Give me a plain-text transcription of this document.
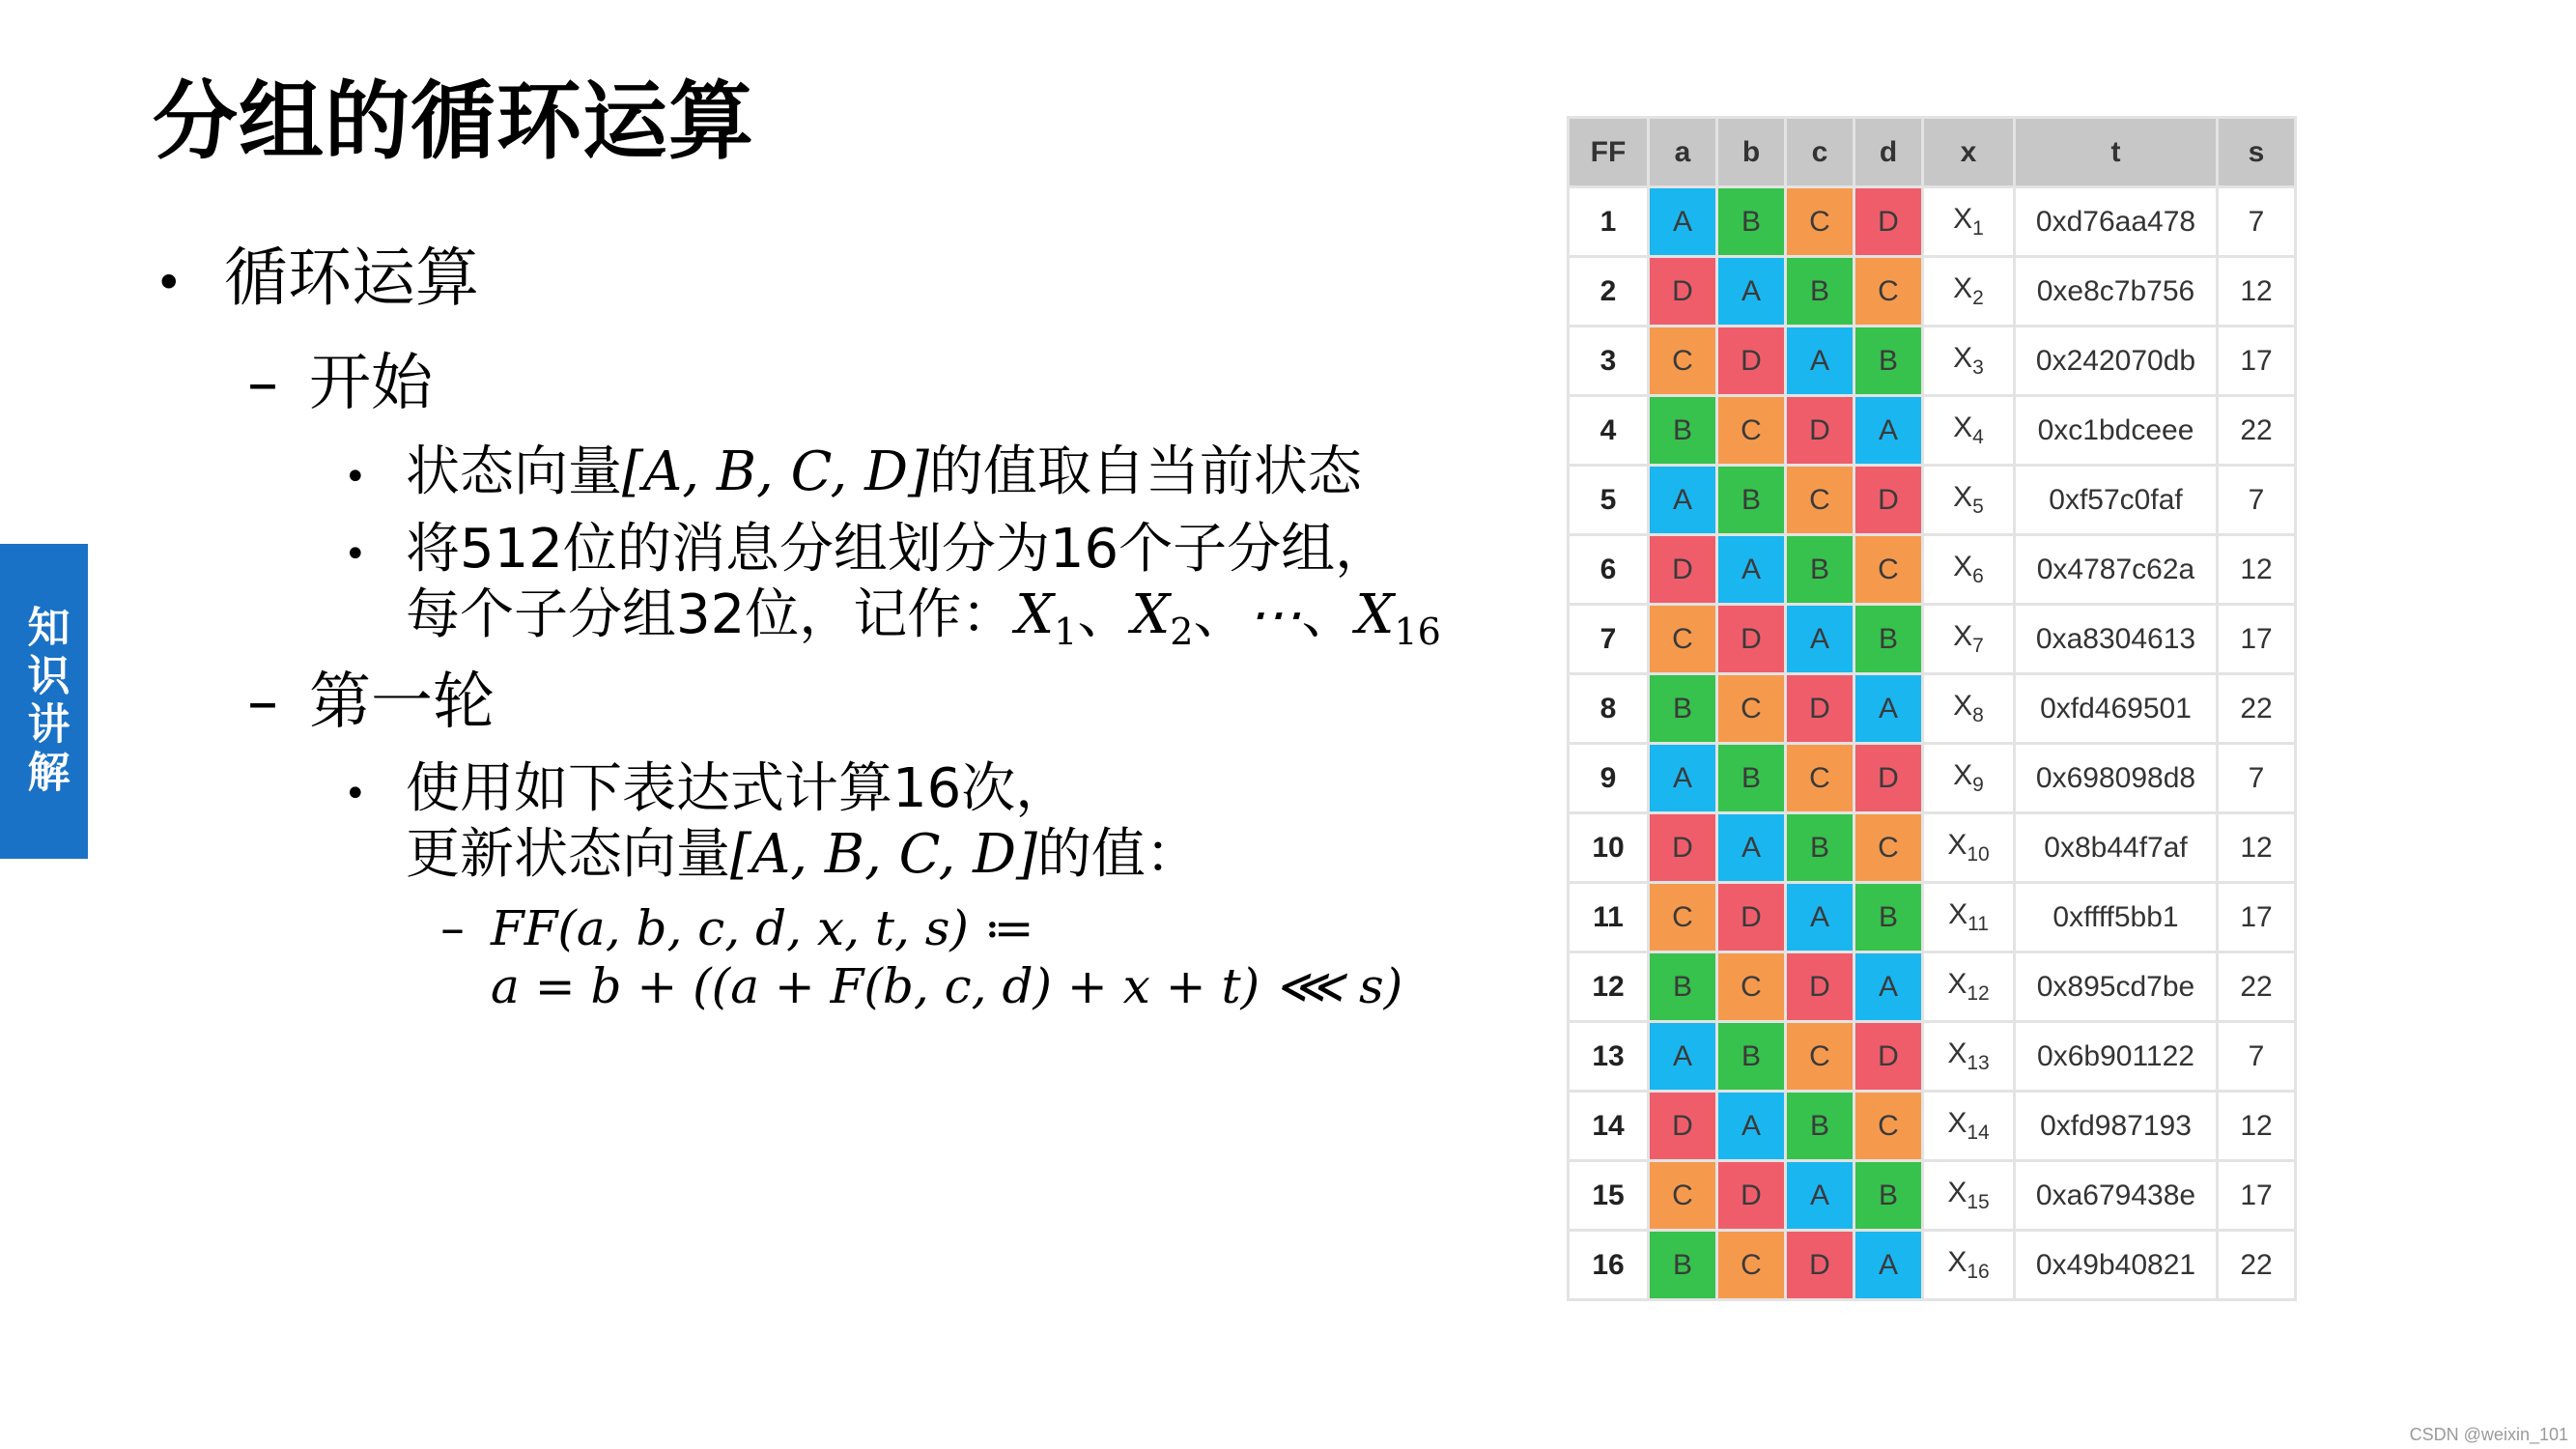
分组的循环运算
知识讲解
• 循环运算
– 开始
• 状态向量[A, B, C, D]的值取自当前状态
• 将512位的消息分组划分为16个子分组，
每个子分组32位，记作：$X_1$、$X_2$、⋯、$X_{16}$
– 第一轮
• 使用如下表达式计算16次，
更新状态向量[A, B, C, D]的值：
– FF(a, b, c, d, x, t, s) ≔
a = b + ((a + F(b, c, d) + x + t) ⋘ s)
FF	a	b	c	d	x	t	s
1	A	B	C	D	$X_1$	0xd76aa478	7
2	D	A	B	C	$X_2$	0xe8c7b756	12
3	C	D	A	B	$X_3$	0x242070db	17
4	B	C	D	A	$X_4$	0xc1bdceee	22
5	A	B	C	D	$X_5$	0xf57c0faf	7
6	D	A	B	C	$X_6$	0x4787c62a	12
7	C	D	A	B	$X_7$	0xa8304613	17
8	B	C	D	A	$X_8$	0xfd469501	22
9	A	B	C	D	$X_9$	0x698098d8	7
10	D	A	B	C	$X_{10}$	0x8b44f7af	12
11	C	D	A	B	$X_{11}$	0xffff5bb1	17
12	B	C	D	A	$X_{12}$	0x895cd7be	22
13	A	B	C	D	$X_{13}$	0x6b901122	7
14	D	A	B	C	$X_{14}$	0xfd987193	12
15	C	D	A	B	$X_{15}$	0xa679438e	17
16	B	C	D	A	$X_{16}$	0x49b40821	22
CSDN @weixin_101
